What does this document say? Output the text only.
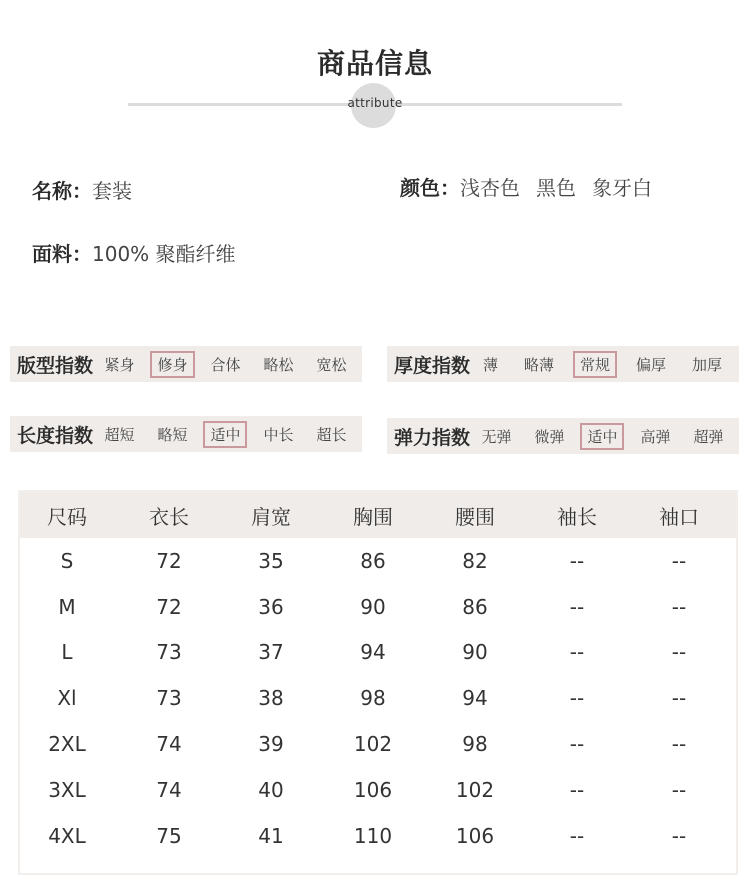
商品信息
attribute
名称：套装	颜色：浅杏色 黑色 象牙白
面料：100% 聚酯纤维
版型指数 紧身	修身	合体	略松	宽松	厚度指数 薄	略薄	常规	偏厚	加厚
长度指数 超短	略短	适中	中长	超长	弹力指数 无弹	微弹	适中	高弹	超弹
尺码	衣长	肩宽	胸围	腰围	袖长	袖口
S	72	35	86	82	--	--
M	72	36	90	86	--	--
L	73	37	94	90	--	--
Xl	73	38	98	94	--	--
2XL	74	39	102	98	--	--
3XL	74	40	106	102	--	--
4XL	75	41	110	106	--	--
